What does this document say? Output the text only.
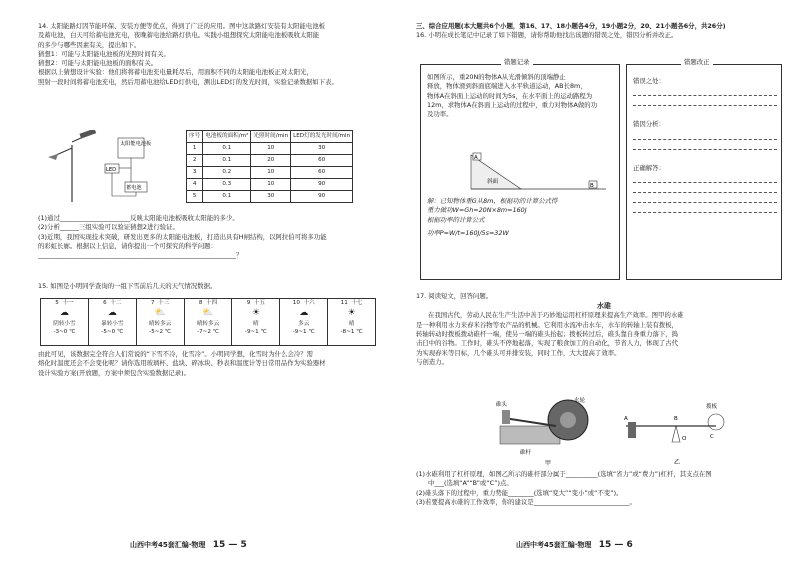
14. 太阳能路灯因节能环保、安装方便等优点，得到了广泛的应用。图中这款路灯安装有太阳能电池板
及蓄电池，白天可给蓄电池充电，夜晚蓄电池给路灯供电。实践小组想探究太阳能电池板吸收太阳能
的多少与哪些因素有关，提出如下。
猜想1：可能与太阳能电池板的光照时间有关。
猜想2：可能与太阳能电池板的面积有关。
根据以上猜想设计实验：他们将将蓄电池充电量耗尽后，用面积不同的太阳能电池板正对太阳光，
照射一段时间将蓄电池充电，然后用蓄电池给LED灯供电，测出LED灯的发光时间，实验记录数据如下表。
太阳能电池板
LED
蓄电池
序号	电池板的面积/m²	光照时间/min	LED灯的发光时间/min
1	0.1	10	30
2	0.1	20	60
3	0.2	10	60
4	0.3	10	90
5	0.1	30	90
(1)通过______________________反映太阳能电池板吸收太阳能的多少。
(2)分析______三组实验可以验证猜想2进行验证。
(3)近期，我国实现技术突破，研发出更多的太阳能电池板，打造出具有H闸结构，以阿拉伯可将多功能
的彩虹长廊。根据以上信息，请你提出一个可探究的科学问题：
______________________________________________________________？
15. 如图是小明同学查询的一组下雪前后几天的天气情况数据。
5 十一
☁
阴转小雪
-3~0 ℃
6 十二
☁
暴转小雪
-5~0 ℃
7 十三
⛅
晴转多云
-5~2 ℃
8 十四
⛅
晴转多云
-7~2 ℃
9 十五
☀
晴
-9~1 ℃
10 十六
☁
多云
-9~1 ℃
11 十七
☀
晴
-8~1 ℃
由此可见，该数据完全符合人们常说的“下雪不冷，化雪冷”。小明同学想，化雪时为什么会冷？需
熔化时温度还会不会变化呢？请你选用玻璃杯、盐块、碎冰块、秒表和温度计等日常用品作为实验器材
设计实验方案(开放题，方案中须包含实验数据记录)。
山西中考45套汇编·物理 15 — 5
三、综合应用题(本大题共6个小题，第16、17、18小题各4分，19小题2分，20、21小题各6分，共26分)
16. 小明在成长笔记中记录了如下错题，请你帮助他找出该题的错误之处，错因分析并改正。
错题记录
如图所示，重20N的物体A从光滑倾斜的顶端静止
释放，物体滑到斜面底端进入水平轨道运动，AB长8m，
物体A在斜面上运动的时间为5s，在水平面上的运动路程为
12m，求物体A在斜面上运动的过程中，重力对物体A做的功
及功率。
A
斜面
B
解：已知物体重G从8m，根据功的计算公式得
重力做功W=Gh=20N×8m=160J
根据功率的计算公式
功率P=W/t=160J/5s=32W
错题改正
错误之处：
错因分析：
正确解答：
17. 阅读短文，回答问题。
水碓
在我国古代，劳动人民在生产生活中善于巧妙地运用杠杆原理来提高生产效率。图甲的水碓
是一种利用水力来舂米谷物等农产品的机械。它利用水流冲击水车，水车的转轴上装有拨板，
转轴转动时拨板拨动碓杆一端，使另一端的碓头抬起；拨板转过后，碓头靠自身重力落下，捣
击臼中的谷物。工作时，碓头不停地起落，实现了粮食加工的自动化，节省人力，体现了古代
为实现舂米等目标，几个碓头可并排安装，同时工作，大大提高了效率。
与创造力。
碓头
水轮
碓杆
甲
拨板
A	B
C
O
乙
(1)水碓利用了杠杆原理，如图乙所示的碓杆部分属于__________(选填“省力”或“费力”)杠杆，其支点在图
中___(选填“A”“B”或“C”)点。
(2)碓头落下的过程中，重力势能________(选填“变大”“变小”或“不变”)。
(3)若要提高水碓的工作效率，你的建议是______________________________。
山西中考45套汇编·物理 15 — 6
